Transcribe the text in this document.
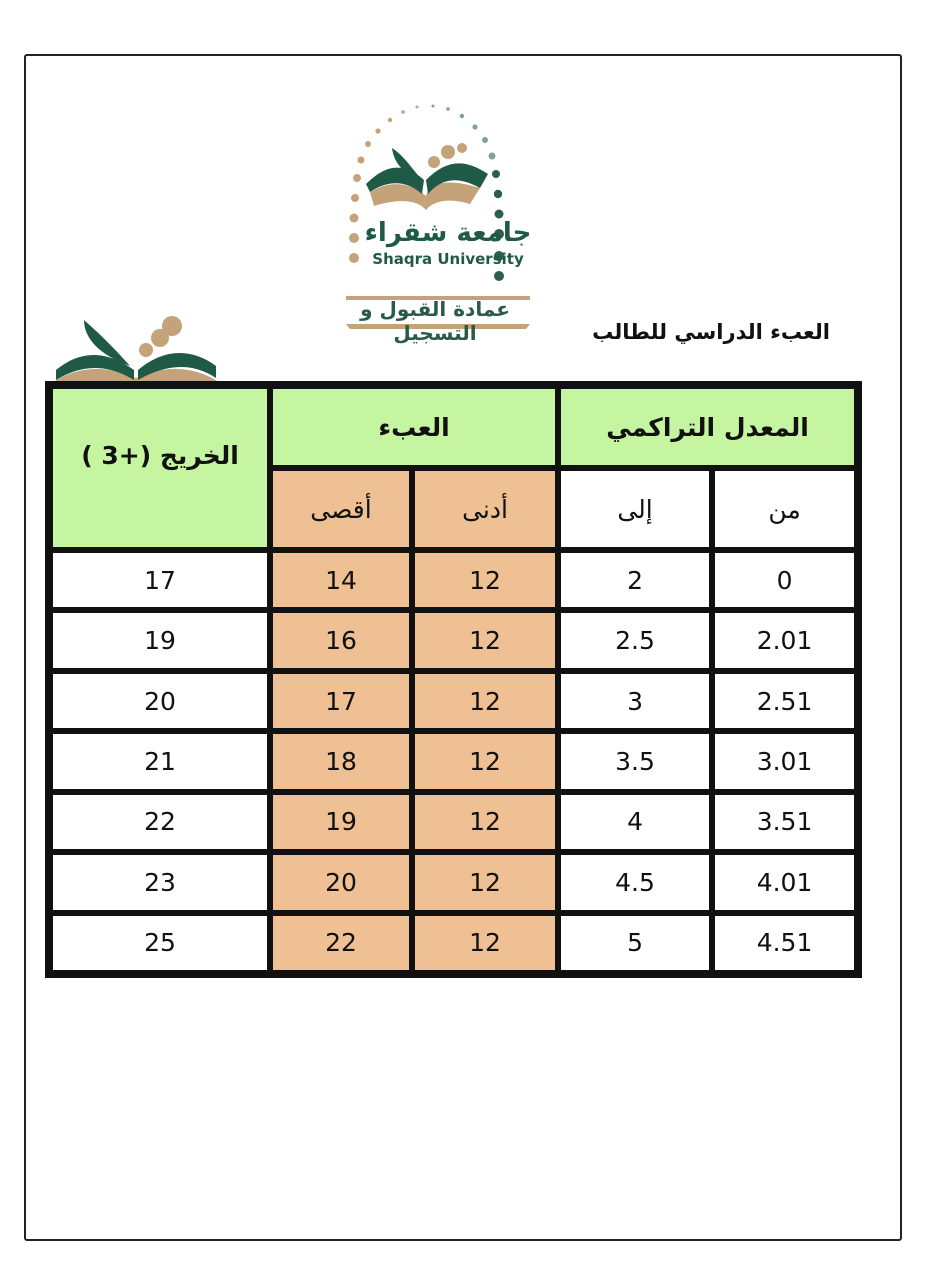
جامعة شقراء
Shaqra University
عمادة القبول و التسجيل	العبء الدراسي للطالب
الخريج (+3 )	العبء		المعدل التراكمي	
	أقصى	أدنى	إلى	من
17	14	12	2	0
19	16	12	2.5	2.01
20	17	12	3	2.51
21	18	12	3.5	3.01
22	19	12	4	3.51
23	20	12	4.5	4.01
25	22	12	5	4.51
